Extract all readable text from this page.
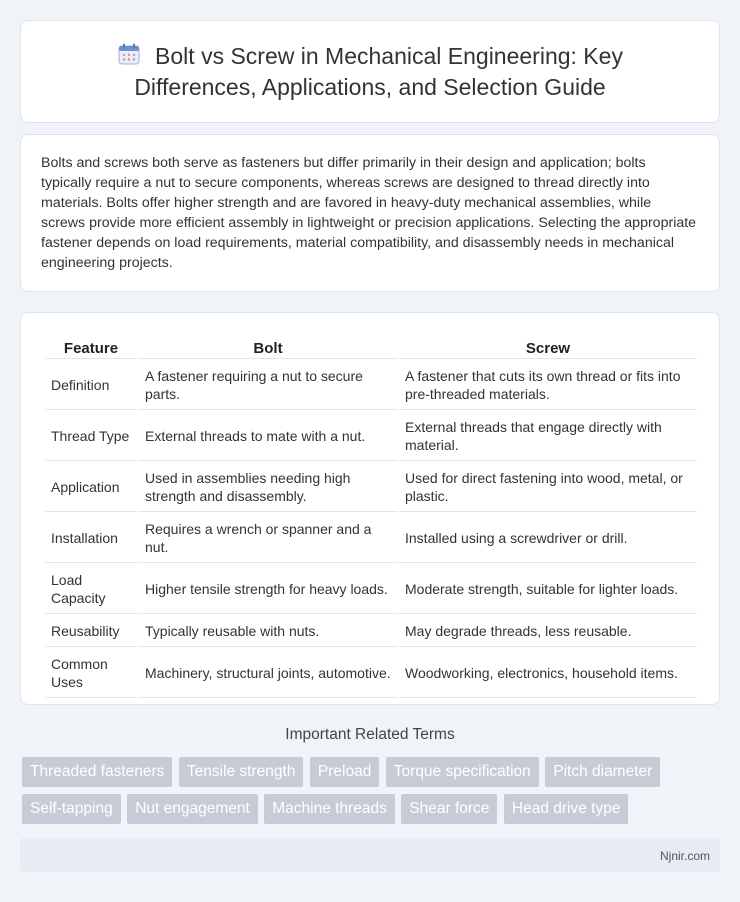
Bolt vs Screw in Mechanical Engineering: Key Differences, Applications, and Selection Guide

Bolts and screws both serve as fasteners but differ primarily in their design and application; bolts typically require a nut to secure components, whereas screws are designed to thread directly into materials. Bolts offer higher strength and are favored in heavy-duty mechanical assemblies, while screws provide more efficient assembly in lightweight or precision applications. Selecting the appropriate fastener depends on load requirements, material compatibility, and disassembly needs in mechanical engineering projects.

Feature	Bolt	Screw
Definition	A fastener requiring a nut to secure parts.	A fastener that cuts its own thread or fits into pre-threaded materials.
Thread Type	External threads to mate with a nut.	External threads that engage directly with material.
Application	Used in assemblies needing high strength and disassembly.	Used for direct fastening into wood, metal, or plastic.
Installation	Requires a wrench or spanner and a nut.	Installed using a screwdriver or drill.
Load Capacity	Higher tensile strength for heavy loads.	Moderate strength, suitable for lighter loads.
Reusability	Typically reusable with nuts.	May degrade threads, less reusable.
Common Uses	Machinery, structural joints, automotive.	Woodworking, electronics, household items.
Important Related Terms
Threaded fasteners Tensile strength Preload Torque specification Pitch diameter Self-tapping Nut engagement Machine threads Shear force Head drive type
Njnir.com
